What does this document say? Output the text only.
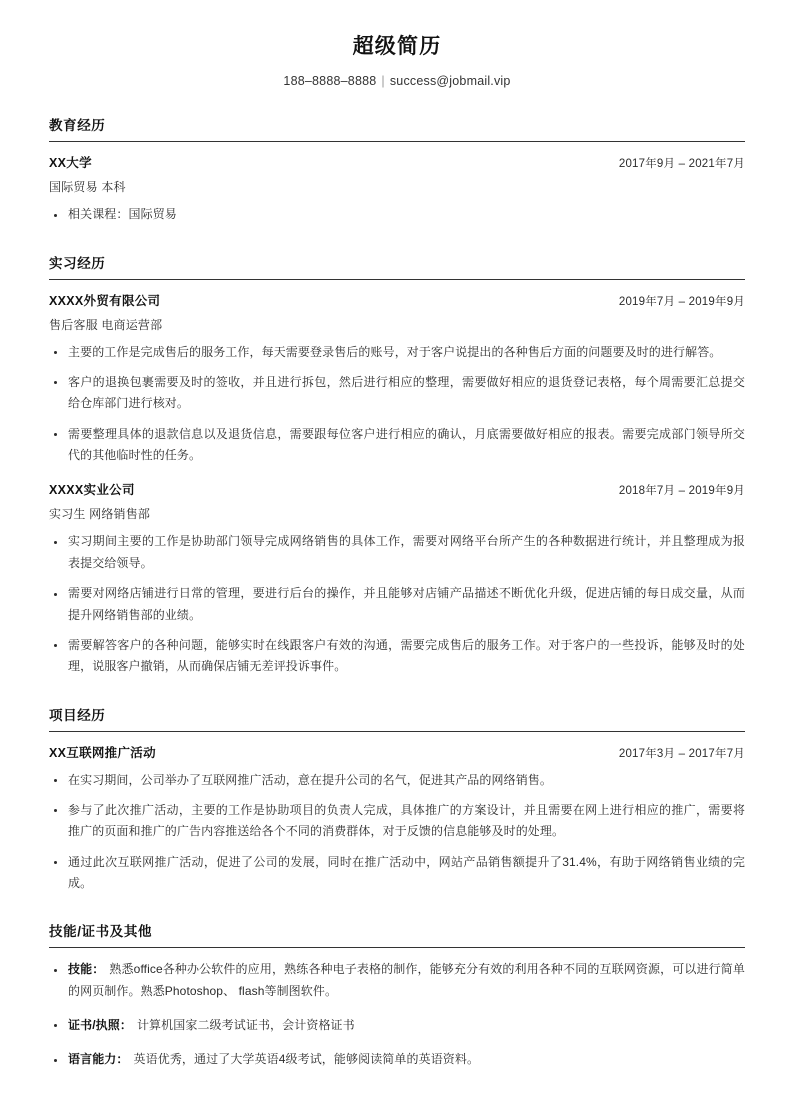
超级简历
188–8888–8888 | success@jobmail.vip
教育经历
XX大学	2017年9月 – 2021年7月
国际贸易 本科
相关课程：国际贸易
实习经历
XXXX外贸有限公司	2019年7月 – 2019年9月
售后客服 电商运营部
主要的工作是完成售后的服务工作，每天需要登录售后的账号，对于客户说提出的各种售后方面的问题要及时的进行解答。
客户的退换包裹需要及时的签收，并且进行拆包，然后进行相应的整理，需要做好相应的退货登记表格，每个周需要汇总提交给仓库部门进行核对。
需要整理具体的退款信息以及退货信息，需要跟每位客户进行相应的确认，月底需要做好相应的报表。需要完成部门领导所交代的其他临时性的任务。
XXXX实业公司	2018年7月 – 2019年9月
实习生 网络销售部
实习期间主要的工作是协助部门领导完成网络销售的具体工作，需要对网络平台所产生的各种数据进行统计，并且整理成为报表提交给领导。
需要对网络店铺进行日常的管理，要进行后台的操作，并且能够对店铺产品描述不断优化升级，促进店铺的每日成交量，从而提升网络销售部的业绩。
需要解答客户的各种问题，能够实时在线跟客户有效的沟通，需要完成售后的服务工作。对于客户的一些投诉，能够及时的处理，说服客户撤销，从而确保店铺无差评投诉事件。
项目经历
XX互联网推广活动	2017年3月 – 2017年7月
在实习期间，公司举办了互联网推广活动，意在提升公司的名气，促进其产品的网络销售。
参与了此次推广活动，主要的工作是协助项目的负责人完成，具体推广的方案设计，并且需要在网上进行相应的推广，需要将推广的页面和推广的广告内容推送给各个不同的消费群体，对于反馈的信息能够及时的处理。
通过此次互联网推广活动，促进了公司的发展，同时在推广活动中，网站产品销售额提升了31.4%，有助于网络销售业绩的完成。
技能/证书及其他
技能： 熟悉office各种办公软件的应用，熟练各种电子表格的制作，能够充分有效的利用各种不同的互联网资源，可以进行简单的网页制作。熟悉Photoshop、 flash等制图软件。
证书/执照： 计算机国家二级考试证书，会计资格证书
语言能力： 英语优秀，通过了大学英语4级考试，能够阅读简单的英语资料。
